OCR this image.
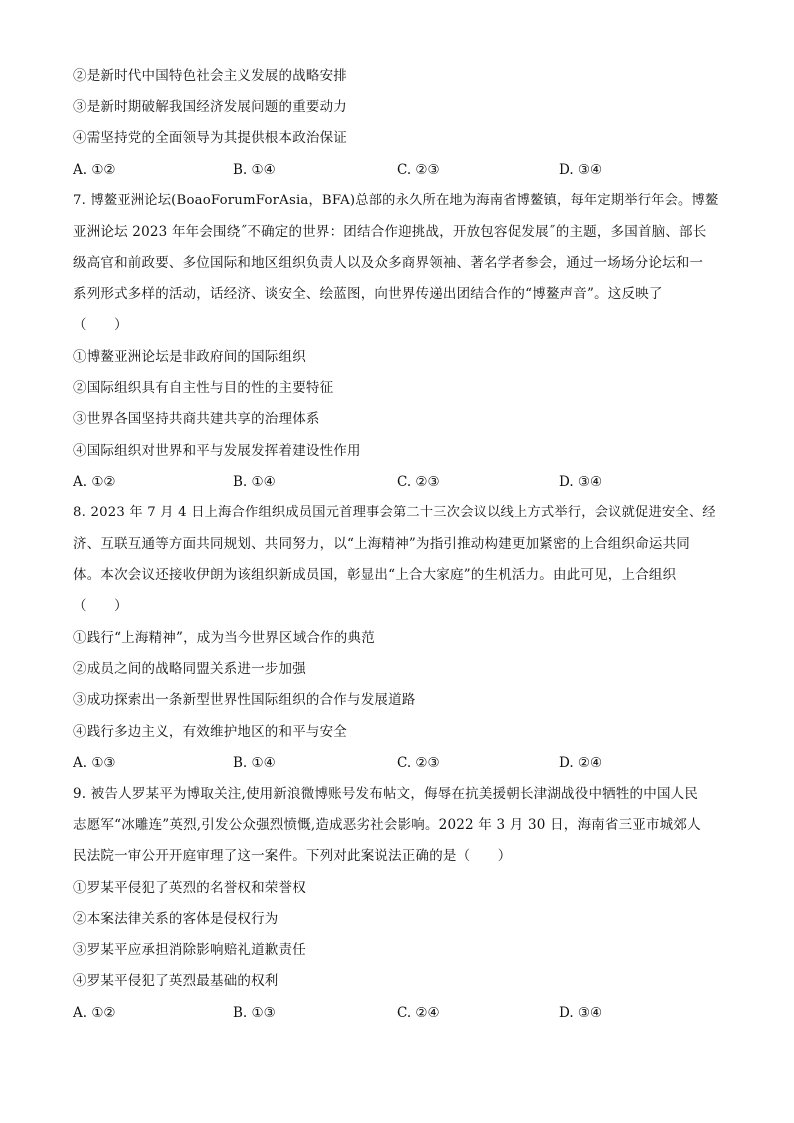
②是新时代中国特色社会主义发展的战略安排
③是新时期破解我国经济发展问题的重要动力
④需坚持党的全面领导为其提供根本政治保证
A. ①②	B. ①④	C. ②③	D. ③④
7. 博鳌亚洲论坛(BoaoForumForAsia，BFA)总部的永久所在地为海南省博鳌镇，每年定期举行年会。博鳌
亚洲论坛 2023 年年会围绕˝不确定的世界：团结合作迎挑战，开放包容促发展˝的主题，多国首脑、部长
级高官和前政要、多位国际和地区组织负责人以及众多商界领袖、著名学者参会，通过一场场分论坛和一
系列形式多样的活动，话经济、谈安全、绘蓝图，向世界传递出团结合作的“博鳌声音”。这反映了
（　　）
①博鳌亚洲论坛是非政府间的国际组织
②国际组织具有自主性与目的性的主要特征
③世界各国坚持共商共建共享的治理体系
④国际组织对世界和平与发展发挥着建设性作用
A. ①②	B. ①④	C. ②③	D. ③④
8. 2023 年 7 月 4 日上海合作组织成员国元首理事会第二十三次会议以线上方式举行，会议就促进安全、经
济、互联互通等方面共同规划、共同努力，以“上海精神”为指引推动构建更加紧密的上合组织命运共同
体。本次会议还接收伊朗为该组织新成员国，彰显出“上合大家庭”的生机活力。由此可见，上合组织
（　　）
①践行“上海精神”，成为当今世界区域合作的典范
②成员之间的战略同盟关系进一步加强
③成功探索出一条新型世界性国际组织的合作与发展道路
④践行多边主义，有效维护地区的和平与安全
A. ①③	B. ①④	C. ②③	D. ②④
9. 被告人罗某平为博取关注,使用新浪微博账号发布帖文，侮辱在抗美援朝长津湖战役中牺牲的中国人民
志愿军“冰雕连”英烈,引发公众强烈愤慨,造成恶劣社会影响。2022 年 3 月 30 日，海南省三亚市城郊人
民法院一审公开开庭审理了这一案件。下列对此案说法正确的是（　　）
①罗某平侵犯了英烈的名誉权和荣誉权
②本案法律关系的客体是侵权行为
③罗某平应承担消除影响赔礼道歉责任
④罗某平侵犯了英烈最基础的权利
A. ①②	B. ①③	C. ②④	D. ③④
